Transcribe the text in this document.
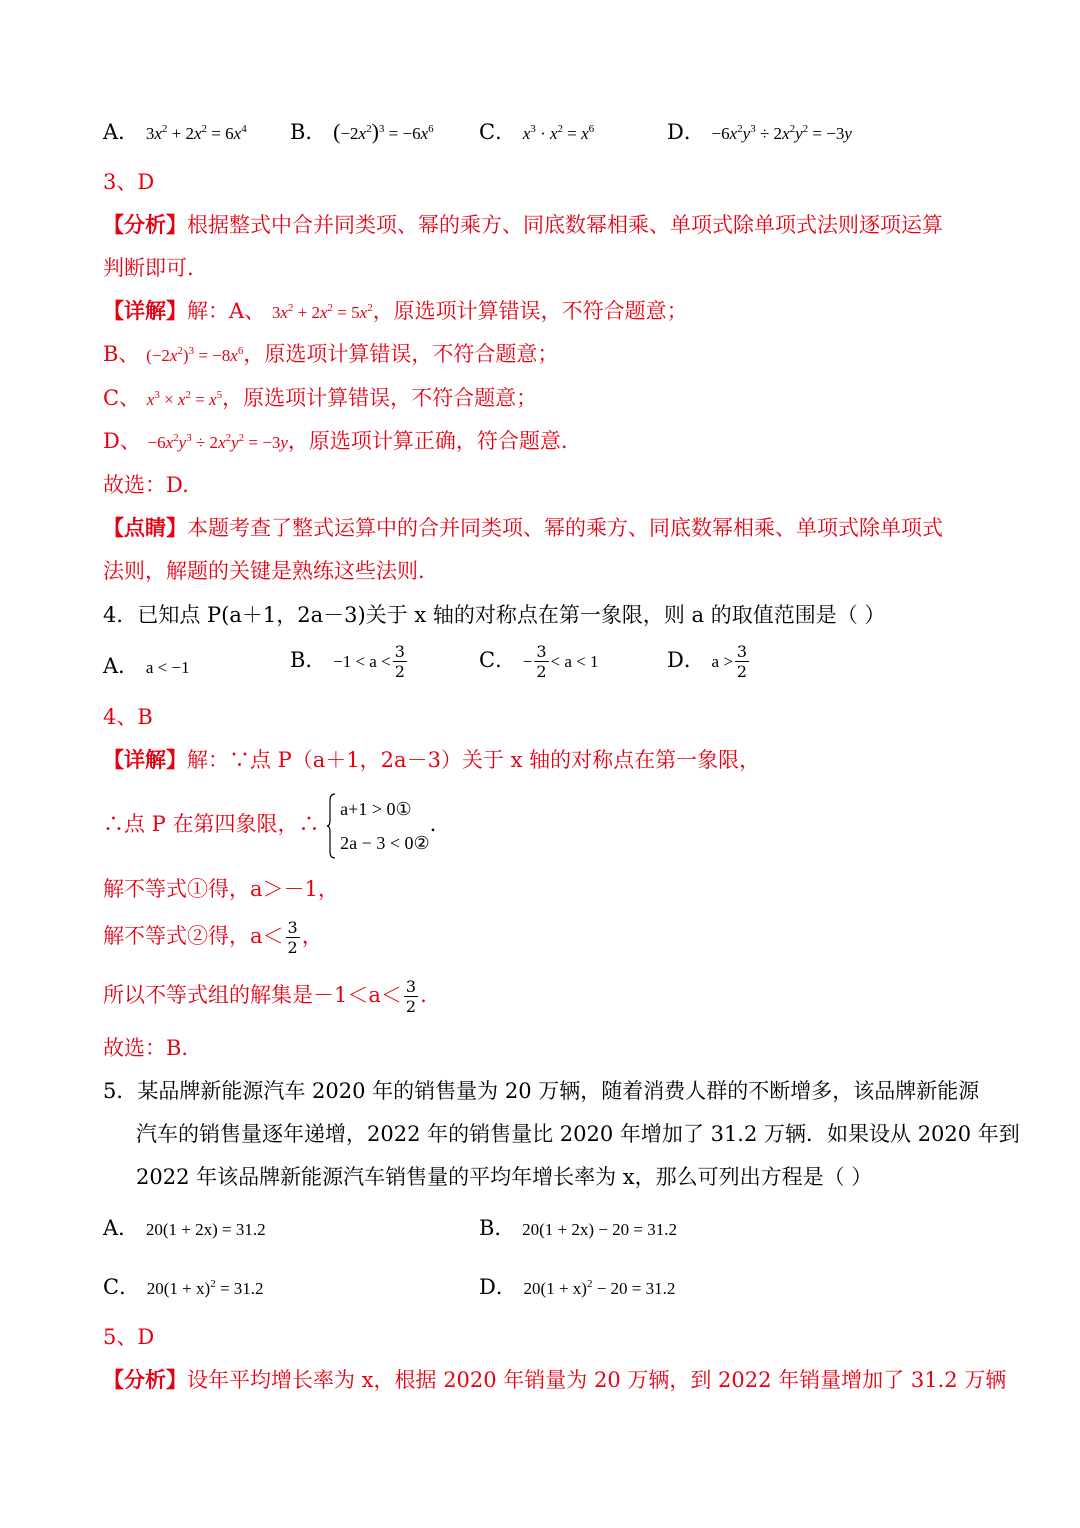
A． $3x^2 + 2x^2 = 6x^4$ B． $(-2x^2)^3 = -6x^6$ C． $x^3 \cdot x^2 = x^6$	D． $-6x^2y^3 \div 2x^2y^2 = -3y$
3、D
【分析】根据整式中合并同类项、幂的乘方、同底数幂相乘、单项式除单项式法则逐项运算
判断即可.
【详解】解：A、 $3x^2 + 2x^2 = 5x^2$，原选项计算错误，不符合题意；
B、 $(-2x^2)^3 = -8x^6$，原选项计算错误，不符合题意；
C、 $x^3 \times x^2 = x^5$，原选项计算错误，不符合题意；
D、 $-6x^2y^3 \div 2x^2y^2 = -3y$，原选项计算正确，符合题意.
故选：D.
【点睛】本题考查了整式运算中的合并同类项、幂的乘方、同底数幂相乘、单项式除单项式
法则，解题的关键是熟练这些法则.
4．已知点 P(a＋1，2a－3)关于 x 轴的对称点在第一象限，则 a 的取值范围是（ ）
A． a < −1	B． $-1 < a < \frac{3}{2}$	C． − $\frac{3}{2} < a < 1$	D． $a > \frac{3}{2}$
4、B
【详解】解：∵点 P（a＋1，2a－3）关于 x 轴的对称点在第一象限，
∴点 P 在第四象限，∴
a+1 > 0①
2a − 3 < 0②
.
解不等式①得，a＞－1，
解不等式②得，$a< \frac{3}{2}$ ，
所以不等式组的解集是$-1<a< \frac{3}{2}$ .
故选：B.
5．某品牌新能源汽车 2020 年的销售量为 20 万辆，随着消费人群的不断增多，该品牌新能源
汽车的销售量逐年递增，2022 年的销售量比 2020 年增加了 31.2 万辆．如果设从 2020 年到
2022 年该品牌新能源汽车销售量的平均年增长率为 x，那么可列出方程是（ ）
A． 20(1 + 2x) = 31.2	B． 20(1 + 2x) − 20 = 31.2
C． $20(1 + x)^2 = 31.2$	D． $20(1 + x)^2 - 20 = 31.2$
5、D
【分析】设年平均增长率为 x，根据 2020 年销量为 20 万辆，到 2022 年销量增加了 31.2 万辆
